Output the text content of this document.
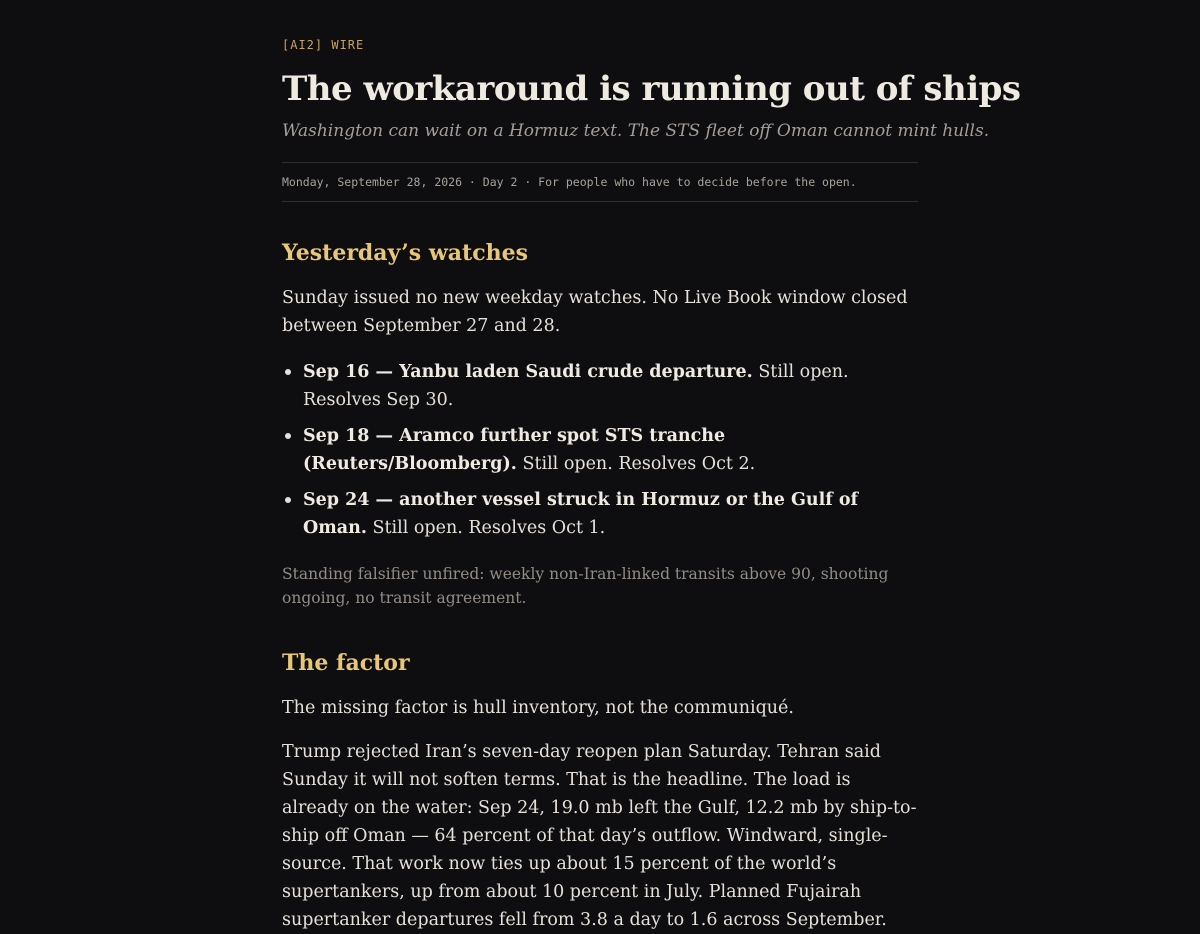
[AI2] WIRE
The workaround is running out of ships
Washington can wait on a Hormuz text. The STS fleet off Oman cannot mint hulls.
Monday, September 28, 2026 · Day 2 · For people who have to decide before the open.
Yesterday’s watches

Sunday issued no new weekday watches. No Live Book window closed between September 27 and 28.

Sep 16 — Yanbu laden Saudi crude departure. Still open. Resolves Sep 30.
Sep 18 — Aramco further spot STS tranche (Reuters/Bloomberg). Still open. Resolves Oct 2.
Sep 24 — another vessel struck in Hormuz or the Gulf of Oman. Still open. Resolves Oct 1.

Standing falsifier unfired: weekly non-Iran-linked transits above 90, shooting ongoing, no transit agreement.

The factor

The missing factor is hull inventory, not the communiqué.

Trump rejected Iran’s seven-day reopen plan Saturday. Tehran said Sunday it will not soften terms. That is the headline. The load is already on the water: Sep 24, 19.0 mb left the Gulf, 12.2 mb by ship-to-ship off Oman — 64 percent of that day’s outflow. Windward, single-source. That work now ties up about 15 percent of the world’s supertankers, up from about 10 percent in July. Planned Fujairah supertanker departures fell from 3.8 a day to 1.6 across September.
